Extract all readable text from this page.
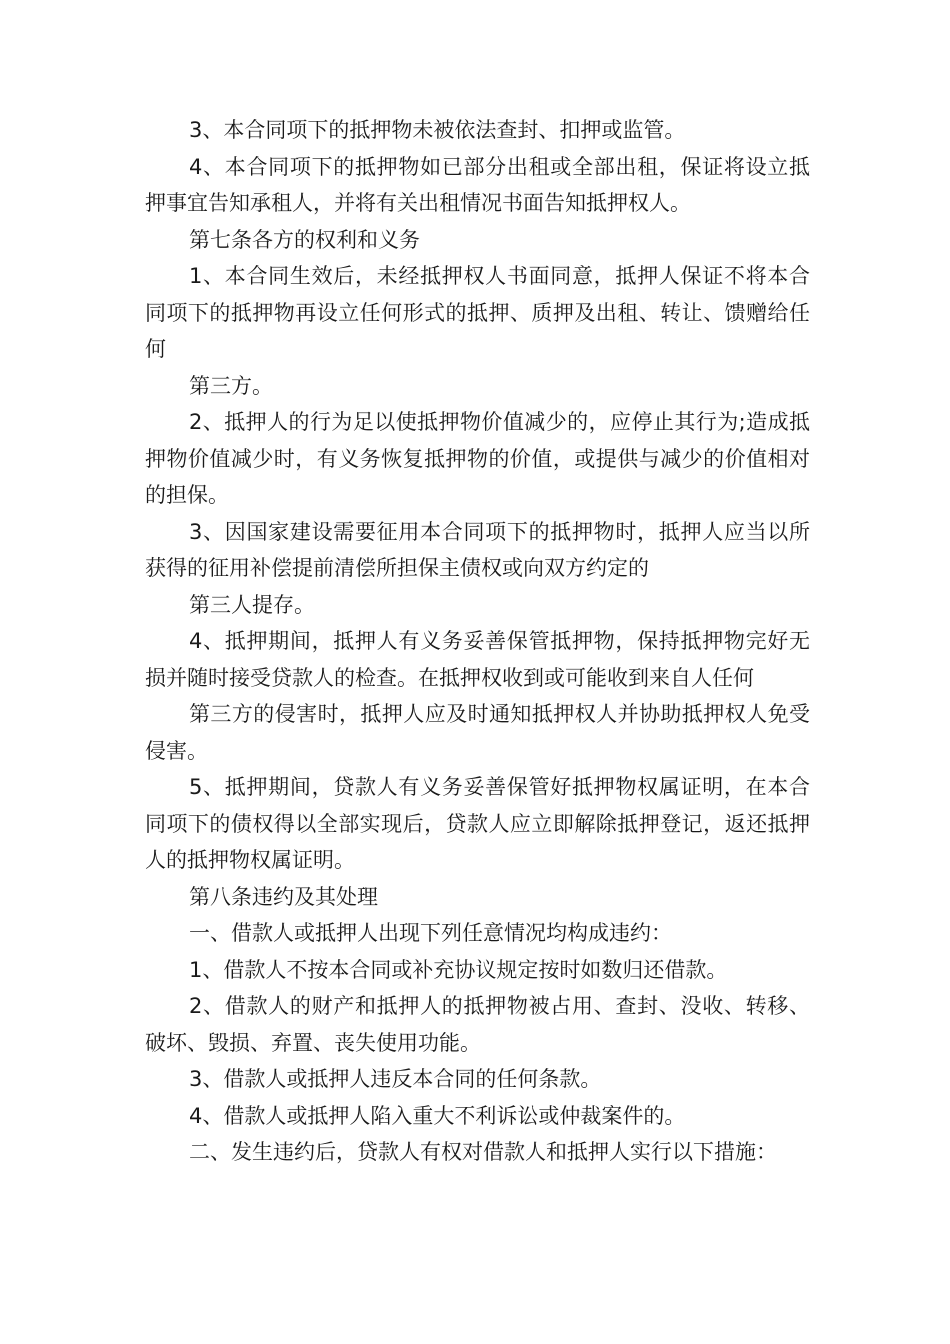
3、本合同项下的抵押物未被依法查封、扣押或监管。

4、本合同项下的抵押物如已部分出租或全部出租，保证将设立抵押事宜告知承租人，并将有关出租情况书面告知抵押权人。

第七条各方的权利和义务

1、本合同生效后，未经抵押权人书面同意，抵押人保证不将本合同项下的抵押物再设立任何形式的抵押、质押及出租、转让、馈赠给任何

第三方。

2、抵押人的行为足以使抵押物价值减少的，应停止其行为;造成抵押物价值减少时，有义务恢复抵押物的价值，或提供与减少的价值相对的担保。

3、因国家建设需要征用本合同项下的抵押物时，抵押人应当以所获得的征用补偿提前清偿所担保主债权或向双方约定的

第三人提存。

4、抵押期间，抵押人有义务妥善保管抵押物，保持抵押物完好无损并随时接受贷款人的检查。在抵押权收到或可能收到来自人任何

第三方的侵害时，抵押人应及时通知抵押权人并协助抵押权人免受侵害。

5、抵押期间，贷款人有义务妥善保管好抵押物权属证明，在本合同项下的债权得以全部实现后，贷款人应立即解除抵押登记，返还抵押人的抵押物权属证明。

第八条违约及其处理

一、借款人或抵押人出现下列任意情况均构成违约：

1、借款人不按本合同或补充协议规定按时如数归还借款。

2、借款人的财产和抵押人的抵押物被占用、查封、没收、转移、破坏、毁损、弃置、丧失使用功能。

3、借款人或抵押人违反本合同的任何条款。

4、借款人或抵押人陷入重大不利诉讼或仲裁案件的。

二、发生违约后，贷款人有权对借款人和抵押人实行以下措施：
